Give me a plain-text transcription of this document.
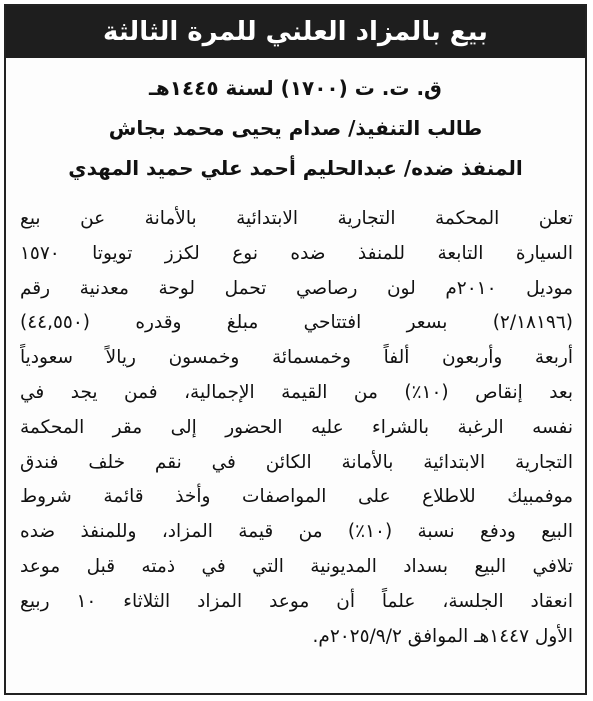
بيع بالمزاد العلني للمرة الثالثة
ق. ت. ت (١٧٠٠) لسنة ١٤٤٥هـ
طالب التنفيذ/ صدام يحيى محمد بجاش
المنفذ ضده/ عبدالحليم أحمد علي حميد المهدي
تعلن المحكمة التجارية الابتدائية بالأمانة عن بيع
السيارة التابعة للمنفذ ضده نوع لكزز تويوتا ١٥٧٠
موديل ٢٠١٠م لون رصاصي تحمل لوحة معدنية رقم
(٢/١٨١٩٦) بسعر افتتاحي مبلغ وقدره (٤٤,٥٥٠)
أربعة وأربعون ألفاً وخمسمائة وخمسون ريالاً سعودياً
بعد إنقاص (١٠٪) من القيمة الإجمالية، فمن يجد في
نفسه الرغبة بالشراء عليه الحضور إلى مقر المحكمة
التجارية الابتدائية بالأمانة الكائن في نقم خلف فندق
موفمبيك للاطلاع على المواصفات وأخذ قائمة شروط
البيع ودفع نسبة (١٠٪) من قيمة المزاد، وللمنفذ ضده
تلافي البيع بسداد المديونية التي في ذمته قبل موعد
انعقاد الجلسة، علماً أن موعد المزاد الثلاثاء ١٠ ربيع
الأول ١٤٤٧هـ الموافق ٢٠٢٥/٩/٢م.
